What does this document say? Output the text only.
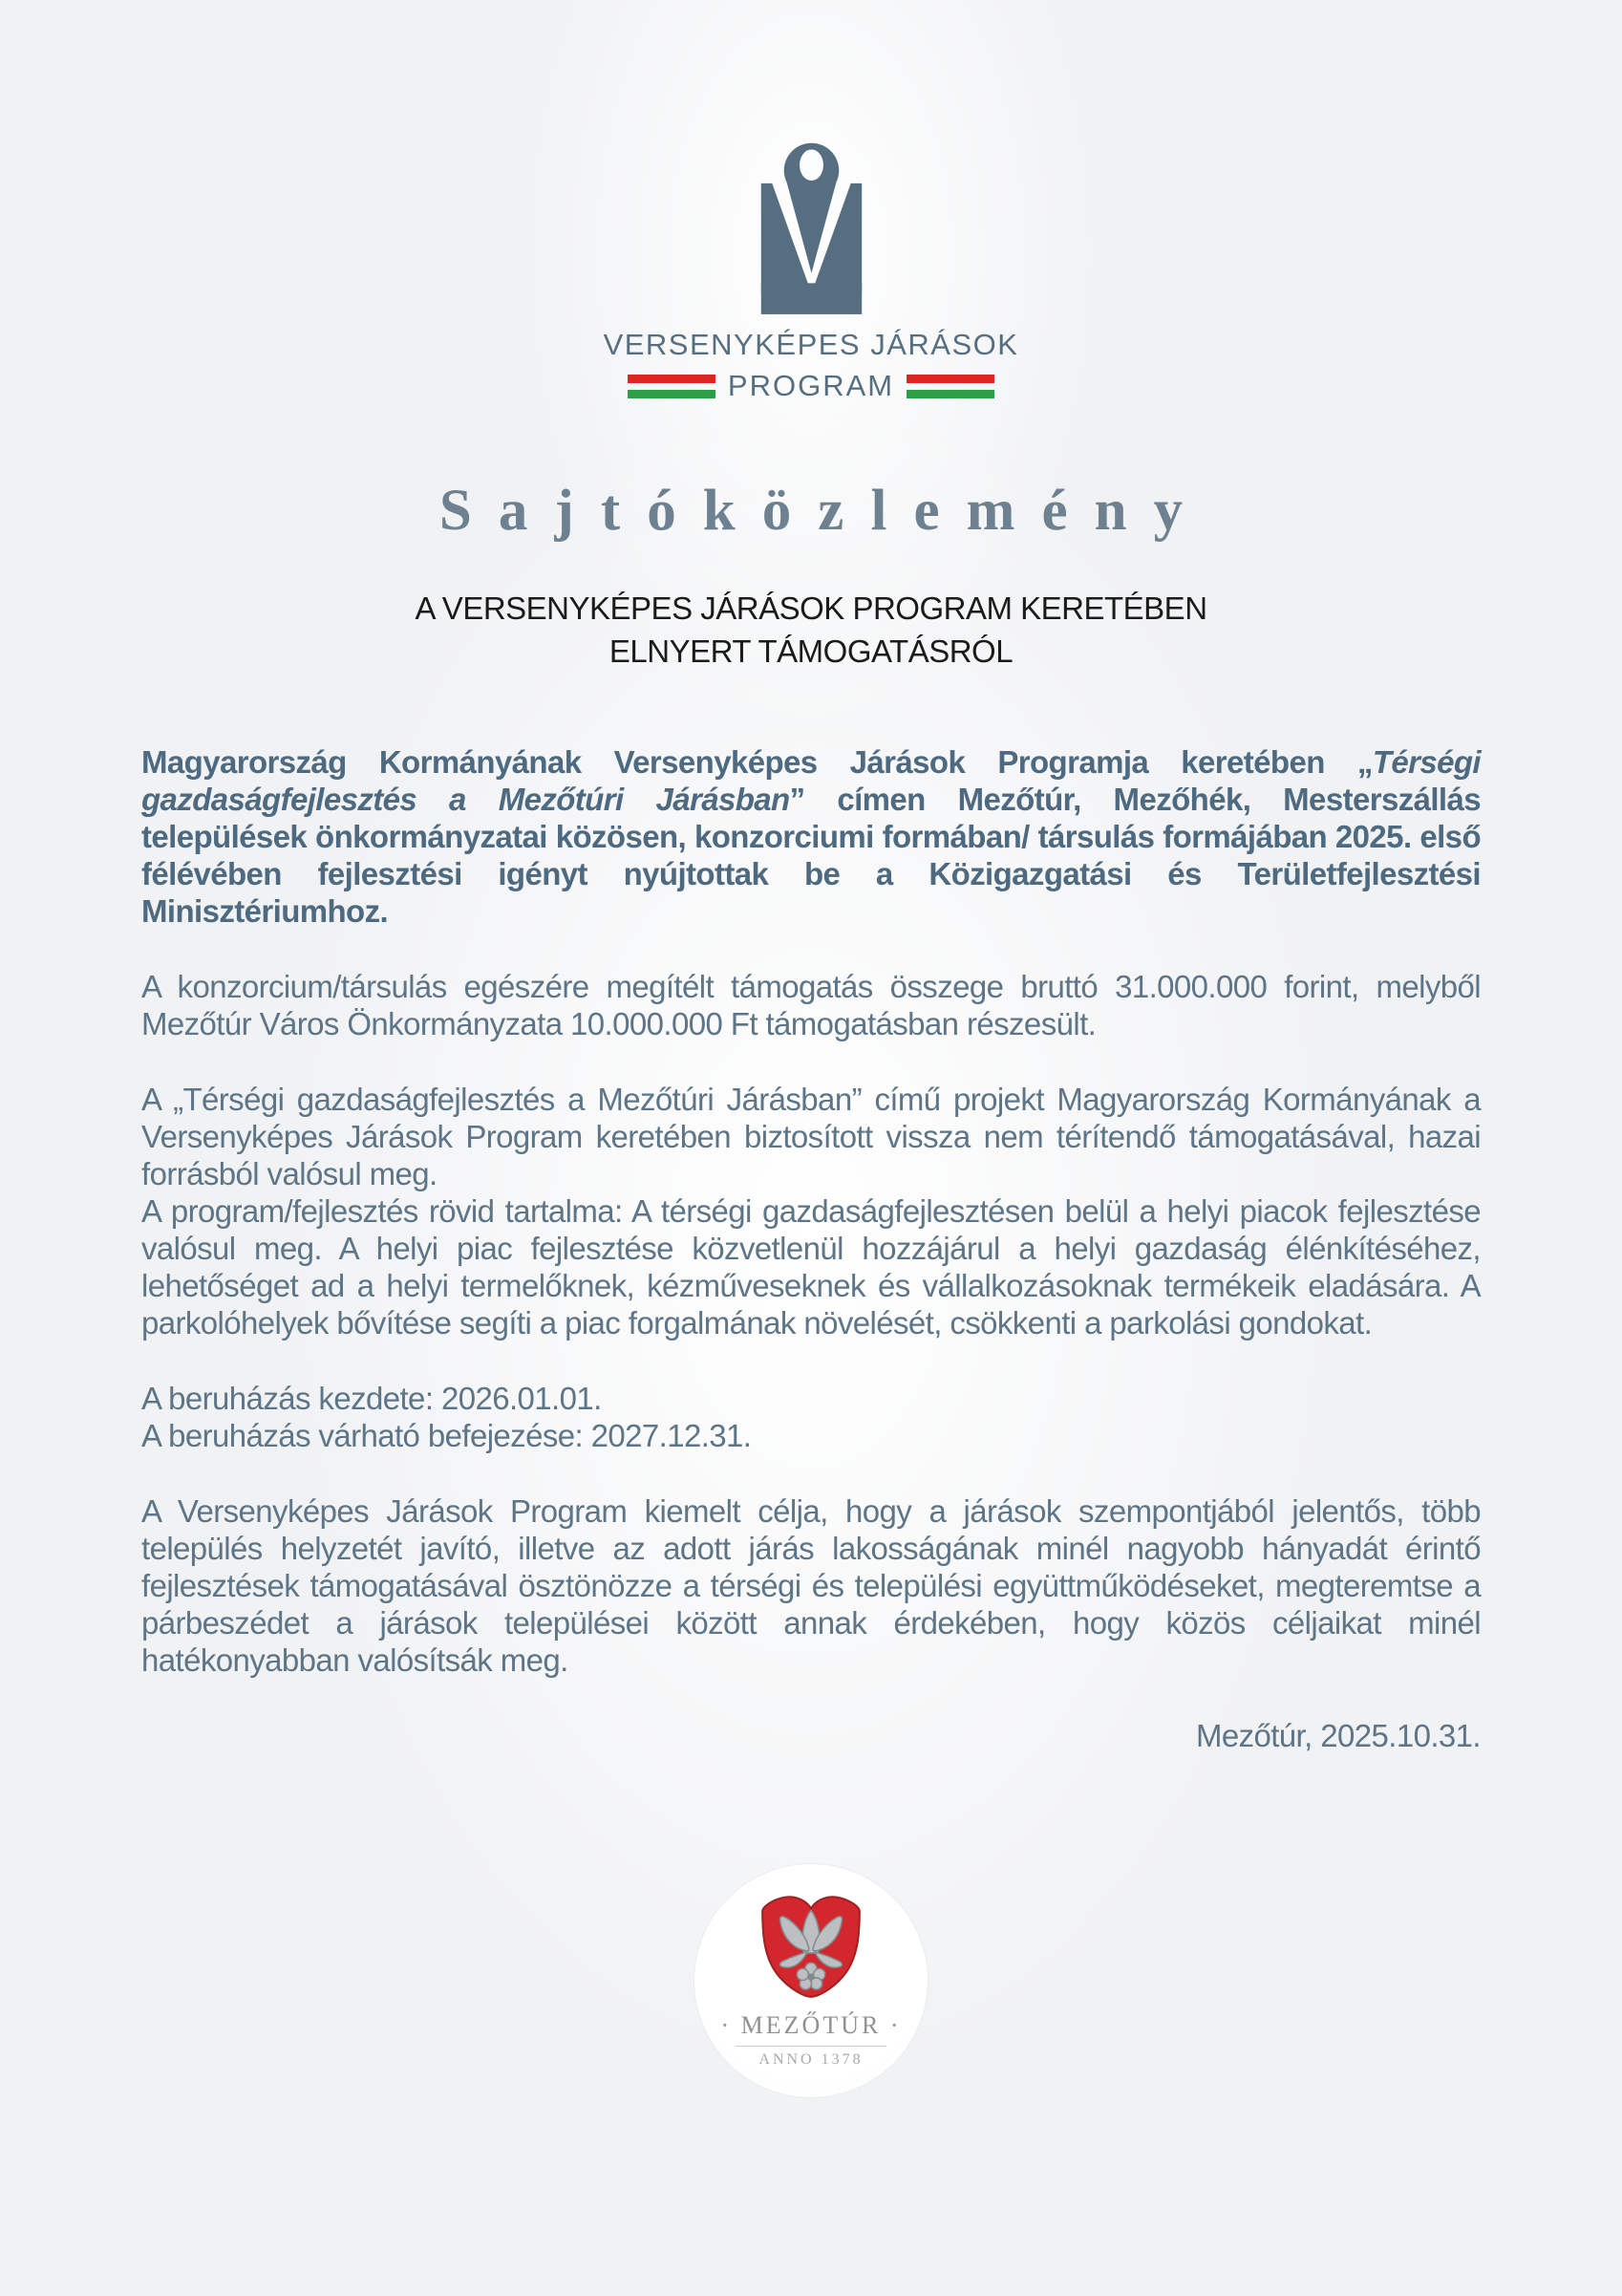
VERSENYKÉPES JÁRÁSOK
PROGRAM
Sajtóközlemény
A VERSENYKÉPES JÁRÁSOK PROGRAM KERETÉBEN ELNYERT TÁMOGATÁSRÓL

Magyarország Kormányának Versenyképes Járások Programja keretében „Térségi gazdaságfejlesztés a Mezőtúri Járásban” címen Mezőtúr, Mezőhék, Mesterszállás települések önkormányzatai közösen, konzorciumi formában/ társulás formájában 2025. első félévében fejlesztési igényt nyújtottak be a Közigazgatási és Területfejlesztési Minisztériumhoz.

A konzorcium/társulás egészére megítélt támogatás összege bruttó 31.000.000 forint, melyből Mezőtúr Város Önkormányzata 10.000.000 Ft támogatásban részesült.

A „Térségi gazdaságfejlesztés a Mezőtúri Járásban” című projekt Magyarország Kormányának a Versenyképes Járások Program keretében biztosított vissza nem térítendő támogatásával, hazai forrásból valósul meg.

A program/fejlesztés rövid tartalma: A térségi gazdaságfejlesztésen belül a helyi piacok fejlesztése valósul meg. A helyi piac fejlesztése közvetlenül hozzájárul a helyi gazdaság élénkítéséhez, lehetőséget ad a helyi termelőknek, kézműveseknek és vállalkozásoknak termékeik eladására. A parkolóhelyek bővítése segíti a piac forgalmának növelését, csökkenti a parkolási gondokat.

A beruházás kezdete: 2026.01.01.
A beruházás várható befejezése: 2027.12.31.

A Versenyképes Járások Program kiemelt célja, hogy a járások szempontjából jelentős, több település helyzetét javító, illetve az adott járás lakosságának minél nagyobb hányadát érintő fejlesztések támogatásával ösztönözze a térségi és települési együttműködéseket, megteremtse a párbeszédet a járások települései között annak érdekében, hogy közös céljaikat minél hatékonyabban valósítsák meg.

Mezőtúr, 2025.10.31.
· MEZŐTÚR ·
ANNO 1378
